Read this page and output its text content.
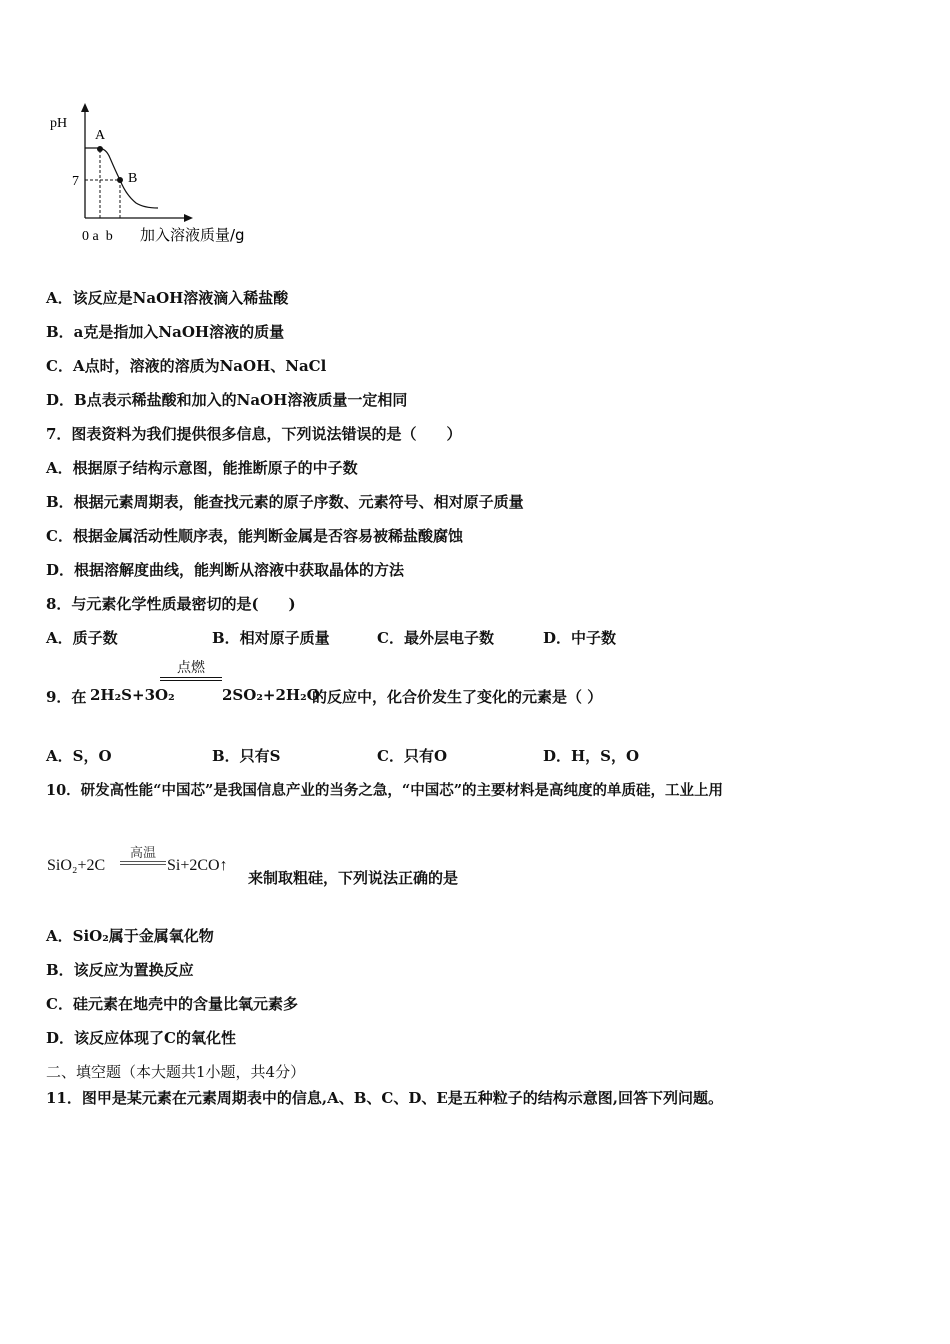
pH
A
B
7
0 a  b 加入溶液质量/g
A．该反应是NaOH溶液滴入稀盐酸
B．a克是指加入NaOH溶液的质量
C．A点时，溶液的溶质为NaOH、NaCl
D．B点表示稀盐酸和加入的NaOH溶液质量一定相同
7．图表资料为我们提供很多信息，下列说法错误的是（　　）
A．根据原子结构示意图，能推断原子的中子数
B．根据元素周期表，能查找元素的原子序数、元素符号、相对原子质量
C．根据金属活动性顺序表，能判断金属是否容易被稀盐酸腐蚀
D．根据溶解度曲线，能判断从溶液中获取晶体的方法
8．与元素化学性质最密切的是(　　)
A．质子数	B．相对原子质量	C．最外层电子数	D．中子数
9．在 2H₂S+3O₂
点燃
2SO₂+2H₂O
的反应中，化合价发生了变化的元素是（ ）
A．S，O	B．只有S	C．只有O	D．H，S，O
10．研发高性能“中国芯”是我国信息产业的当务之急，“中国芯”的主要材料是高纯度的单质硅，工业上用
SiO₂+2C
高温
Si+2CO↑
来制取粗硅，下列说法正确的是
A．SiO₂属于金属氧化物
B．该反应为置换反应
C．硅元素在地壳中的含量比氧元素多
D．该反应体现了C的氧化性
二、填空题（本大题共1小题，共4分）
11．图甲是某元素在元素周期表中的信息,A、B、C、D、E是五种粒子的结构示意图,回答下列问题。
